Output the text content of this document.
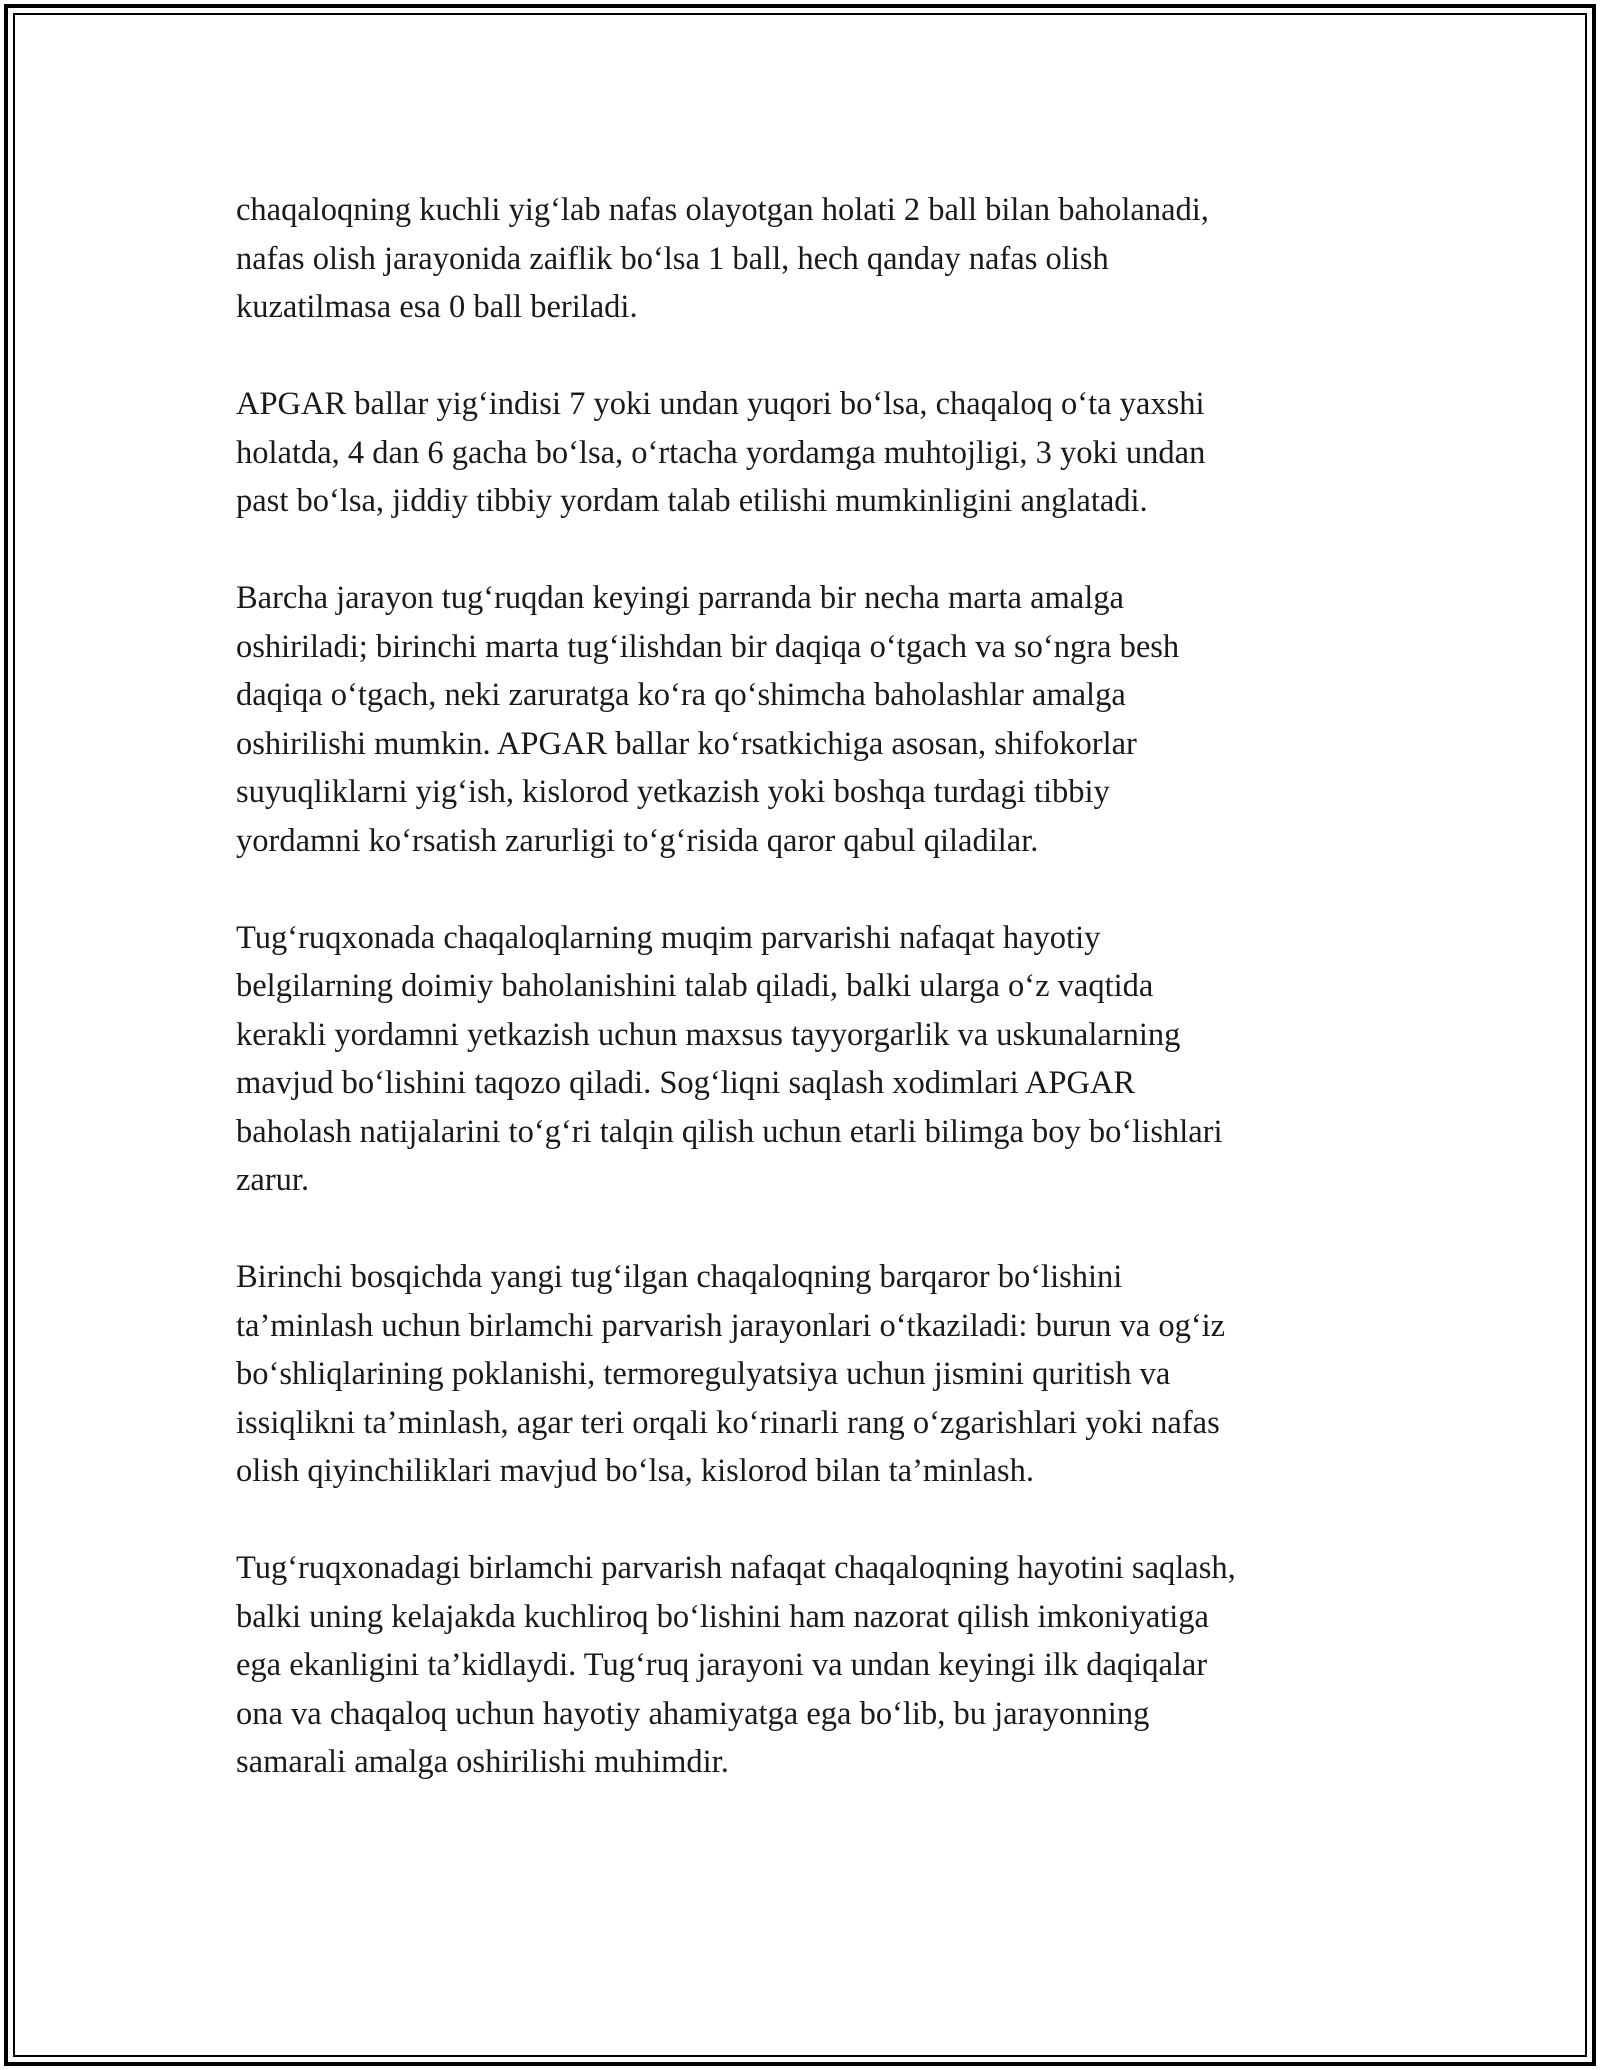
chaqaloqning kuchli yig‘lab nafas olayotgan holati 2 ball bilan baholanadi,
nafas olish jarayonida zaiflik bo‘lsa 1 ball, hech qanday nafas olish
kuzatilmasa esa 0 ball beriladi.

APGAR ballar yig‘indisi 7 yoki undan yuqori bo‘lsa, chaqaloq o‘ta yaxshi
holatda, 4 dan 6 gacha bo‘lsa, o‘rtacha yordamga muhtojligi, 3 yoki undan
past bo‘lsa, jiddiy tibbiy yordam talab etilishi mumkinligini anglatadi.

Barcha jarayon tug‘ruqdan keyingi parranda bir necha marta amalga
oshiriladi; birinchi marta tug‘ilishdan bir daqiqa o‘tgach va so‘ngra besh
daqiqa o‘tgach, neki zaruratga ko‘ra qo‘shimcha baholashlar amalga
oshirilishi mumkin. APGAR ballar ko‘rsatkichiga asosan, shifokorlar
suyuqliklarni yig‘ish, kislorod yetkazish yoki boshqa turdagi tibbiy
yordamni ko‘rsatish zarurligi to‘g‘risida qaror qabul qiladilar.

Tug‘ruqxonada chaqaloqlarning muqim parvarishi nafaqat hayotiy
belgilarning doimiy baholanishini talab qiladi, balki ularga o‘z vaqtida
kerakli yordamni yetkazish uchun maxsus tayyorgarlik va uskunalarning
mavjud bo‘lishini taqozo qiladi. Sog‘liqni saqlash xodimlari APGAR
baholash natijalarini to‘g‘ri talqin qilish uchun etarli bilimga boy bo‘lishlari
zarur.

Birinchi bosqichda yangi tug‘ilgan chaqaloqning barqaror bo‘lishini
ta’minlash uchun birlamchi parvarish jarayonlari o‘tkaziladi: burun va og‘iz
bo‘shliqlarining poklanishi, termoregulyatsiya uchun jismini quritish va
issiqlikni ta’minlash, agar teri orqali ko‘rinarli rang o‘zgarishlari yoki nafas
olish qiyinchiliklari mavjud bo‘lsa, kislorod bilan ta’minlash.

Tug‘ruqxonadagi birlamchi parvarish nafaqat chaqaloqning hayotini saqlash,
balki uning kelajakda kuchliroq bo‘lishini ham nazorat qilish imkoniyatiga
ega ekanligini ta’kidlaydi. Tug‘ruq jarayoni va undan keyingi ilk daqiqalar
ona va chaqaloq uchun hayotiy ahamiyatga ega bo‘lib, bu jarayonning
samarali amalga oshirilishi muhimdir.
